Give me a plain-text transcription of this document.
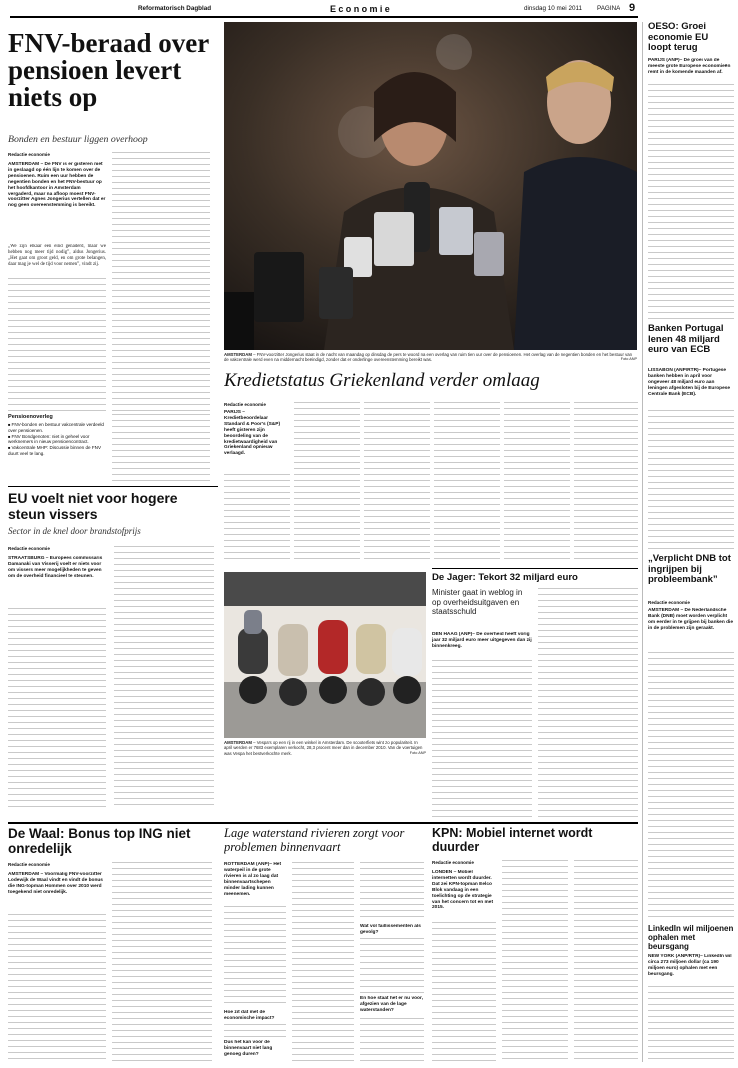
Reformatorisch Dagblad	Economie	dinsdag 10 mei 2011 PAGINA 9
FNV-beraad over pensioen levert niets op
Bonden en bestuur liggen overhoop
Redactie economie
AMSTERDAM – De FNV is er gisteren niet in geslaagd op één lijn te komen over de pensioenen. Ruim een uur hebben de negentien bonden en het FNV-bestuur op het hoofdkantoor in Amsterdam vergaderd, maar na afloop moest FNV-voorzitter Agnes Jongerius vertellen dat er nog geen overeenstemming is bereikt.
„We zijn elkaar een eind genaderd, maar we hebben nog meer tijd nodig”, aldus Jongerius. „Het gaat om groot geld, en om grote belangen, daar mag je wel de tijd voor nemen”, vindt zij.
Pensioenoverleg
■ FNV-bonden en bestuur vakcentrale verdeeld over pensioenen.
■ FNV Bondgenoten: niet in geheel voor werknemers in nieuw pensioencontract.
■ Vakcentrale MHP: Discussie binnen de FNV duurt veel te lang.
AMSTERDAM – FNV-voorzitter Jongerius staat in de nacht van maandag op dinsdag de pers te woord na een overlag van ruim tien uur over de pensioenen. Het overlag van de negentien bonden en het bestuur van de vakcentrale werd even na middernacht beëindigd, zonder dat er onderlinge overeenstemming bereikt was.	Foto ANP
OESO: Groei economie EU loopt terug
PARIJS (ANP)– De groei van de meeste grote Europese economieën remt in de komende maanden af.
Banken Portugal lenen 48 miljard euro van ECB
LISSABON (ANP/RTR)– Portugese banken hebben in april voor ongeveer 48 miljard euro aan leningen afgesloten bij de Europese Centrale Bank (ECB).
„Verplicht DNB tot ingrijpen bij probleembank”
Redactie economie
AMSTERDAM – De Nederlandsche Bank (DNB) moet worden verplicht om eerder in te grijpen bij banken die in de problemen zijn geraakt.
LinkedIn wil miljoenen ophalen met beursgang
NEW YORK (ANP/RTR)– LinkedIn wil circa 273 miljoen dollar (ca 190 miljoen euro) ophalen met een beursgang.
Kredietstatus Griekenland verder omlaag
Redactie economie
PARIJS – Kredietbeoordelaar Standard & Poor's (S&P) heeft gisteren zijn beoordeling van de kredietwaardigheid van Griekenland opnieuw verlaagd.
EU voelt niet voor hogere steun vissers
Sector in de knel door brandstofprijs
Redactie economie
STRAATSBURG – Europees commissaris Damanaki van Visserij voelt er niets voor om vissers meer mogelijkheden te geven om de overheid financieel te steunen.	De Jager: Tekort 32 miljard euro
Minister gaat in weblog in op overheidsuitgaven en staatsschuld
DEN HAAG (ANP)– De overheid heeft vorig jaar 32 miljard euro meer uitgegeven dan zij binnenkreeg.
AMSTERDAM – Vespa's op een rij in een winkel in Amsterdam. De scooterfiets wint zo populariteit. In april werden er 7683 exemplaren verkocht, 28,3 procent meer dan in december 2010. Van de voertuigen was Vespa het bestverkochte merk.	Foto ANP
De Waal: Bonus top ING niet onredelijk
Redactie economie
AMSTERDAM – Voormalig FNV-voorzitter Lodewijk de Waal vindt en vindt de bonus die ING-topman Hommen over 2010 werd toegekend niet onredelijk.
Lage waterstand rivieren zorgt voor problemen binnenvaart
ROTTERDAM (ANP)– Het waterpeil in de grote rivieren is al zo laag dat binnenvaartschepen minder lading kunnen meenemen.
Hoe zit dat met de economische impact?
Dus het kan voor de binnenvaart niet lang genoeg duren?
Wat vol faillissementen als gevolg?
En hoe staat het er nu voor, afgezien van de lage waterstanden?
KPN: Mobiel internet wordt duurder
Redactie economie
LONDEN – Mobiel internetten wordt duurder. Dat zei KPN-topman Eelco Blok vandaag in een toelichting op de strategie van het concern tot en met 2015.
